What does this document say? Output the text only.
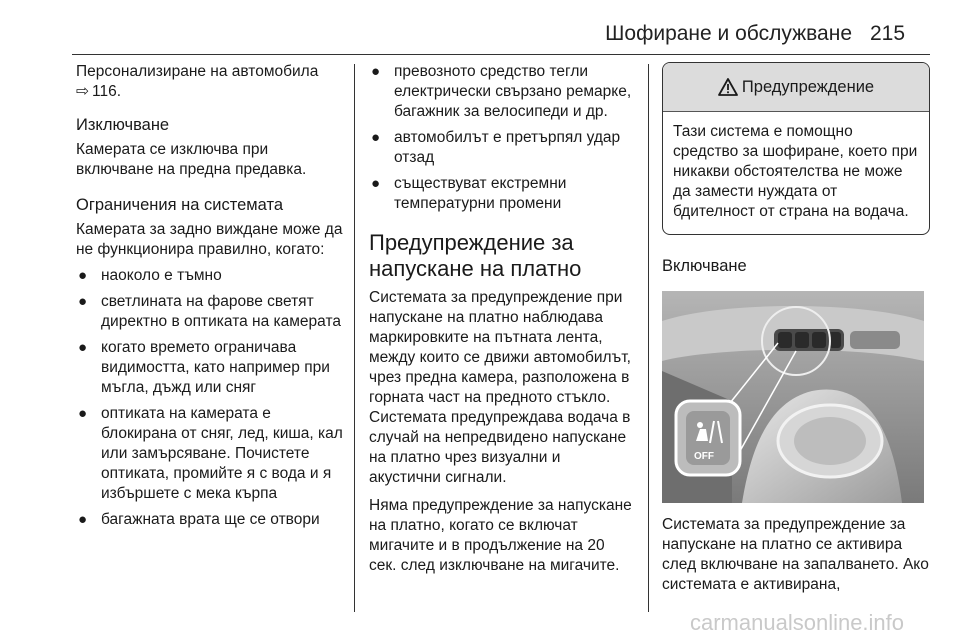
Шофиране и обслужване 215

Персонализиране на автомобила
⇨ 116.

Изключване

Камерата се изключва при включване на предна предавка.

Ограничения на системата

Камерата за задно виждане може да не функционира правилно, когато:

● наоколо е тъмно
● светлината на фарове светят директно в оптиката на камерата
● когато времето ограничава видимостта, като например при мъгла, дъжд или сняг
● оптиката на камерата е блокирана от сняг, лед, киша, кал или замърсяване. Почистете оптиката, промийте я с вода и я избършете с мека кърпа
● багажната врата ще се отвори
● превозното средство тегли електрически свързано ремарке, багажник за велосипеди и др.
● автомобилът е претърпял удар отзад
● съществуват екстремни температурни промени
Предупреждение за напускане на платно

Системата за предупреждение при напускане на платно наблюдава маркировките на пътната лента, между които се движи автомобилът, чрез предна камера, разположена в горната част на предното стъкло. Системата предупреждава водача в случай на непредвидено напускане на платно чрез визуални и акустични сигнали.

Няма предупреждение за напускане на платно, когато се включат мигачите и в продължение на 20 сек. след изключване на мигачите.

Предупреждение
Тази система е помощно средство за шофиране, което при никакви обстоятелства не може да замести нуждата от бдителност от страна на водача.
Включване
OFF

Системата за предупреждение за напускане на платно се активира след включване на запалването. Ако системата е активирана,

carmanualsonline.info
